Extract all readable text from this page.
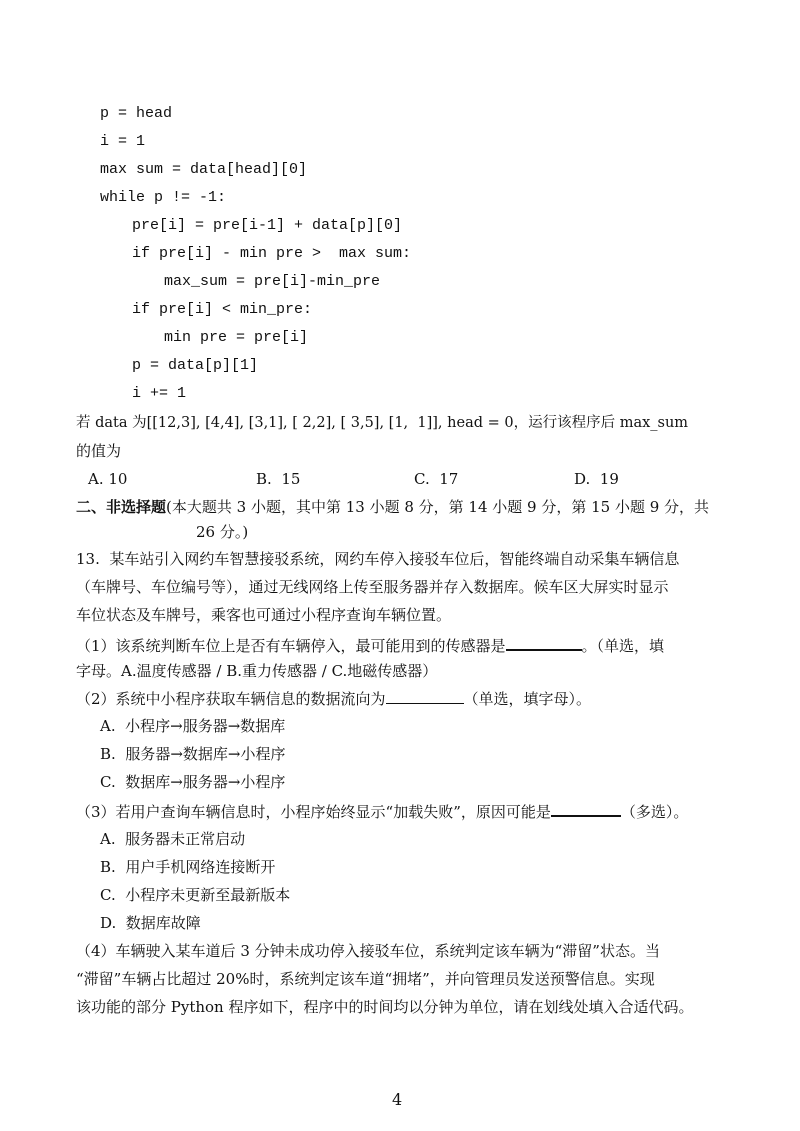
p = head
i = 1
max sum = data[head][0]
while p != -1:
pre[i] = pre[i-1] + data[p][0]
if pre[i] - min pre >  max sum:
max_sum = pre[i]-min_pre
if pre[i] < min_pre:
min pre = pre[i]
p = data[p][1]
i += 1
若 data 为[[12,3], [4,4], [3,1], [ 2,2], [ 3,5], [1,  1]], head = 0，运行该程序后 max_sum
的值为
A. 10	B.  15	C.  17	D.  19
二、非选择题(本大题共 3 小题，其中第 13 小题 8 分，第 14 小题 9 分，第 15 小题 9 分，共
26 分。)
13.  某车站引入网约车智慧接驳系统，网约车停入接驳车位后，智能终端自动采集车辆信息
（车牌号、车位编号等），通过无线网络上传至服务器并存入数据库。候车区大屏实时显示
车位状态及车牌号，乘客也可通过小程序查询车辆位置。
（1）该系统判断车位上是否有车辆停入，最可能用到的传感器是	。（单选，填
字母。A.温度传感器 / B.重力传感器 / C.地磁传感器）
（2）系统中小程序获取车辆信息的数据流向为	（单选，填字母）。
A.  小程序→服务器→数据库
B.  服务器→数据库→小程序
C.  数据库→服务器→小程序
（3）若用户查询车辆信息时，小程序始终显示“加载失败”，原因可能是	（多选）。
A.  服务器未正常启动
B.  用户手机网络连接断开
C.  小程序未更新至最新版本
D.  数据库故障
（4）车辆驶入某车道后 3 分钟未成功停入接驳车位，系统判定该车辆为“滞留”状态。当
“滞留”车辆占比超过 20%时，系统判定该车道“拥堵”，并向管理员发送预警信息。实现
该功能的部分 Python 程序如下，程序中的时间均以分钟为单位，请在划线处填入合适代码。
4
